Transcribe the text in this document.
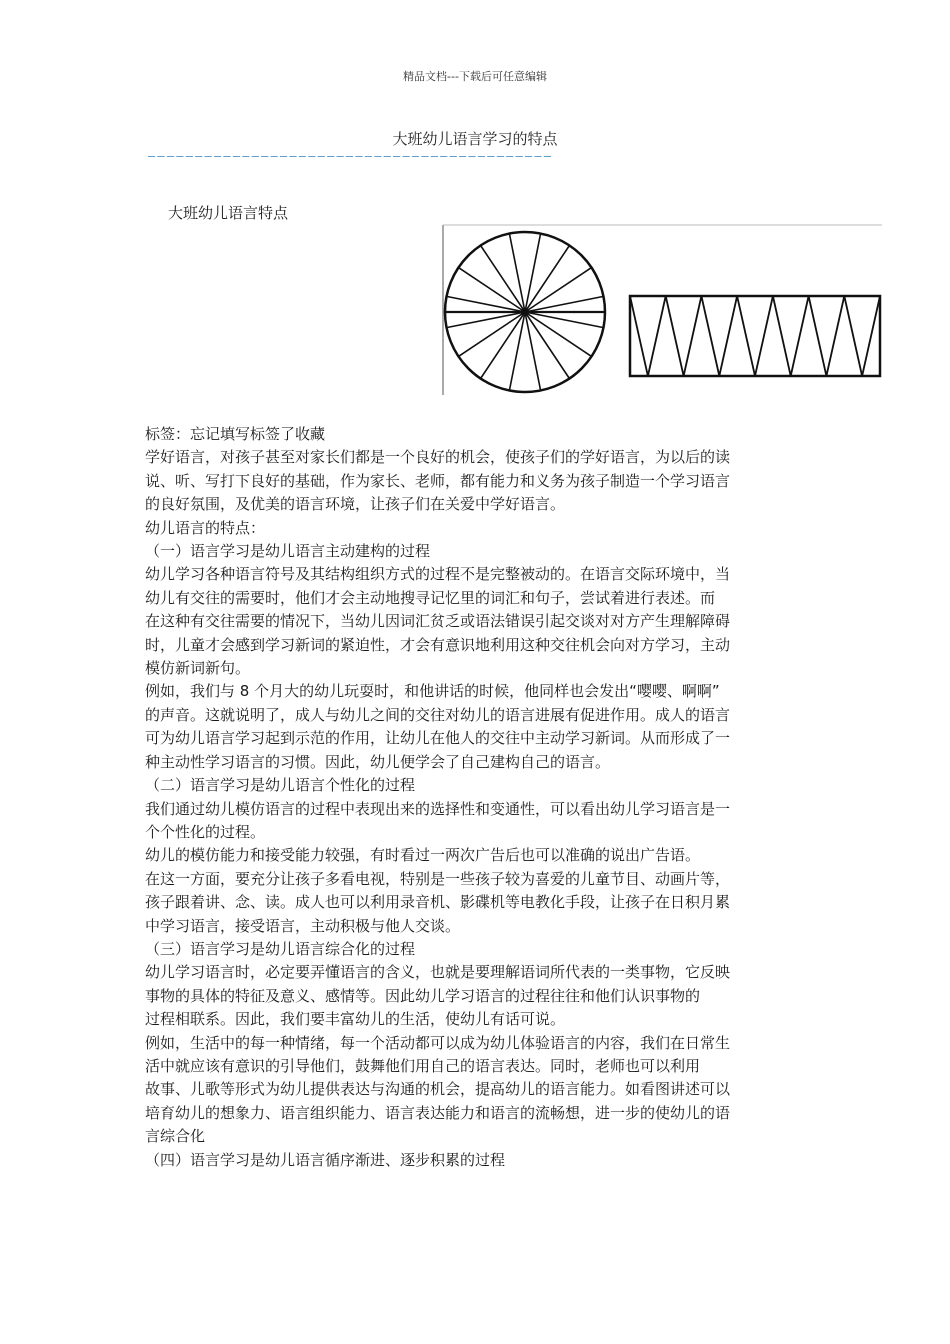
精品文档---下载后可任意编辑
大班幼儿语言学习的特点
———————————————————————————————————————————
大班幼儿语言特点

标签：忘记填写标签了收藏

学好语言，对孩子甚至对家长们都是一个良好的机会，使孩子们的学好语言，为以后的读

说、听、写打下良好的基础，作为家长、老师，都有能力和义务为孩子制造一个学习语言

的良好氛围，及优美的语言环境，让孩子们在关爱中学好语言。

幼儿语言的特点：

（一）语言学习是幼儿语言主动建构的过程

幼儿学习各种语言符号及其结构组织方式的过程不是完整被动的。在语言交际环境中，当

幼儿有交往的需要时，他们才会主动地搜寻记忆里的词汇和句子，尝试着进行表述。而

在这种有交往需要的情况下，当幼儿因词汇贫乏或语法错误引起交谈对对方产生理解障碍

时，儿童才会感到学习新词的紧迫性，才会有意识地利用这种交往机会向对方学习，主动

模仿新词新句。

例如，我们与 8 个月大的幼儿玩耍时，和他讲话的时候，他同样也会发出“嘤嘤、啊啊”

的声音。这就说明了，成人与幼儿之间的交往对幼儿的语言进展有促进作用。成人的语言

可为幼儿语言学习起到示范的作用，让幼儿在他人的交往中主动学习新词。从而形成了一

种主动性学习语言的习惯。因此，幼儿便学会了自己建构自己的语言。

（二）语言学习是幼儿语言个性化的过程

我们通过幼儿模仿语言的过程中表现出来的选择性和变通性，可以看出幼儿学习语言是一

个个性化的过程。

幼儿的模仿能力和接受能力较强，有时看过一两次广告后也可以准确的说出广告语。

在这一方面，要充分让孩子多看电视，特别是一些孩子较为喜爱的儿童节目、动画片等，

孩子跟着讲、念、读。成人也可以利用录音机、影碟机等电教化手段，让孩子在日积月累

中学习语言，接受语言，主动积极与他人交谈。

（三）语言学习是幼儿语言综合化的过程

幼儿学习语言时，必定要弄懂语言的含义，也就是要理解语词所代表的一类事物，它反映

事物的具体的特征及意义、感情等。因此幼儿学习语言的过程往往和他们认识事物的

过程相联系。因此，我们要丰富幼儿的生活，使幼儿有话可说。

例如，生活中的每一种情绪，每一个活动都可以成为幼儿体验语言的内容，我们在日常生

活中就应该有意识的引导他们，鼓舞他们用自己的语言表达。同时，老师也可以利用

故事、儿歌等形式为幼儿提供表达与沟通的机会，提高幼儿的语言能力。如看图讲述可以

培育幼儿的想象力、语言组织能力、语言表达能力和语言的流畅想，进一步的使幼儿的语

言综合化

（四）语言学习是幼儿语言循序渐进、逐步积累的过程
